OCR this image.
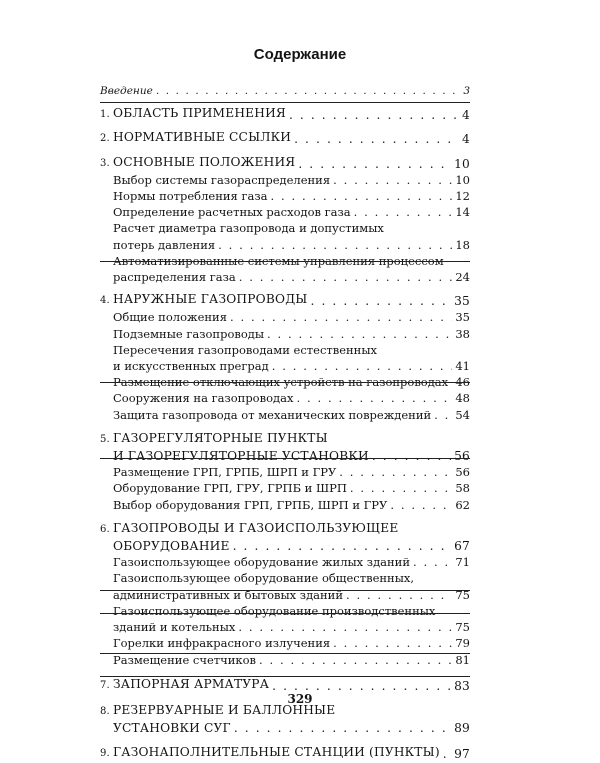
Содержание
Введение . . .	3
1. ОБЛАСТЬ ПРИМЕНЕНИЯ . . .	4
2. НОРМАТИВНЫЕ ССЫЛКИ . . .	4
3. ОСНОВНЫЕ ПОЛОЖЕНИЯ . . .	10
Выбор системы газораспределения . . .	10
Нормы потребления газа . . .	12
Определение расчетных расходов газа . . .	14
Расчет диаметра газопровода и допустимых
потерь давления . . .	18
Автоматизированные системы управления процессом
распределения газа . . .	24
4. НАРУЖНЫЕ ГАЗОПРОВОДЫ . . .	35
Общие положения . . .	35
Подземные газопроводы . . .	38
Пересечения газопроводами естественных
и искусственных преград . . .	41
Размещение отключающих устройств на газопроводах . . . 46
Сооружения на газопроводах . . .	48
Защита газопровода от механических повреждений . . . 54
5. ГАЗОРЕГУЛЯТОРНЫЕ ПУНКТЫ
И ГАЗОРЕГУЛЯТОРНЫЕ УСТАНОВКИ . . .	56
Размещение ГРП, ГРПБ, ШРП и ГРУ . . .	56
Оборудование ГРП, ГРУ, ГРПБ и ШРП . . .	58
Выбор оборудования ГРП, ГРПБ, ШРП и ГРУ . . .	62
6. ГАЗОПРОВОДЫ И ГАЗОИСПОЛЬЗУЮЩЕЕ
ОБОРУДОВАНИЕ . . .	67
Газоиспользующее оборудование жилых зданий . . .	71
Газоиспользующее оборудование общественных,
административных и бытовых зданий . . .	75
Газоиспользующее оборудование производственных
зданий и котельных . . .	75
Горелки инфракрасного излучения . . .	79
Размещение счетчиков . . .	81
7. ЗАПОРНАЯ АРМАТУРА . . .	83
8. РЕЗЕРВУАРНЫЕ И БАЛЛОННЫЕ
УСТАНОВКИ СУГ . . .	89
9. ГАЗОНАПОЛНИТЕЛЬНЫЕ СТАНЦИИ (ПУНКТЫ) . . . 97
329
